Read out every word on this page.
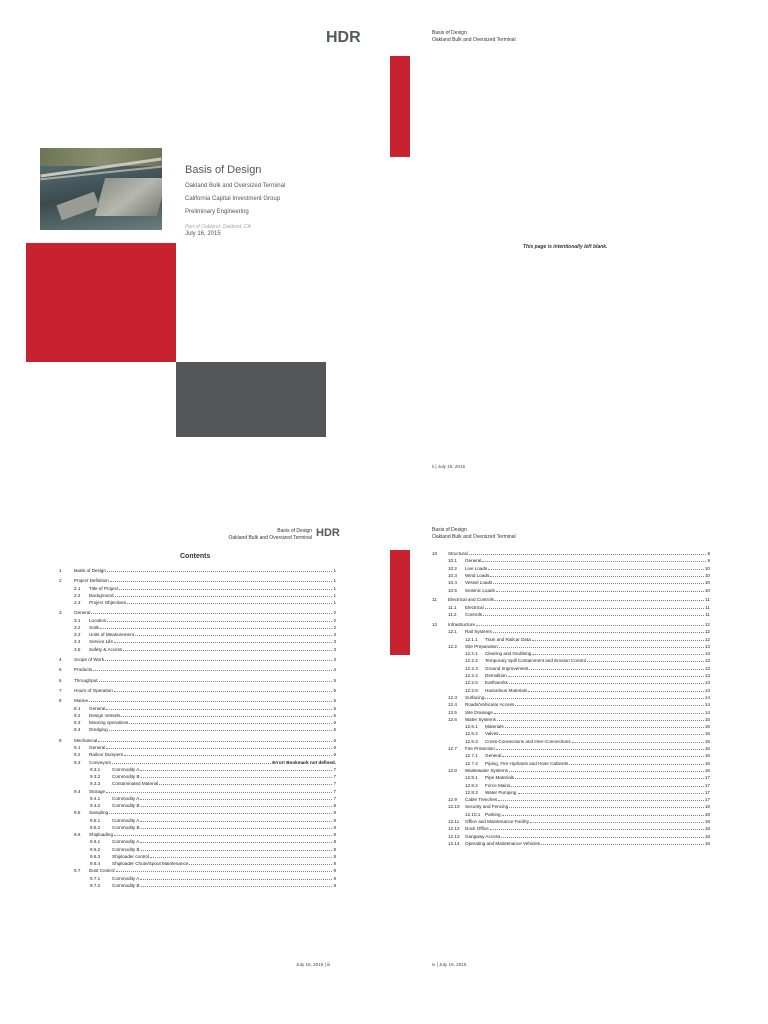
Basis of Design
Oakland Bulk and Oversized Terminal
California Capital Investment Group
Preliminary Engineering
Port of Oakland, Oakland, CA
July 16, 2015
HDR	Basis of Design
Oakland Bulk and Oversized Terminal
This page is intentionally left blank.
ii | July 16, 2015
Basis of Design
Oakland Bulk and Oversized Terminal HDR
Contents
1	Basis of Design	1
2	Project Definition	1
2.1	Title of Project	1
2.2	Background	1
2.3	Project Objectives	1
3	General	2
3.1	Location	2
3.2	Soils	2
3.3	Units of Measurement	3
3.4	Service Life	3
3.5	Safety & Access	3
4	Scope of Work	3
5	Products	4
6	Throughput	5
7	Hours of Operation	5
8	Marine	5
8.1	General	5
8.2	Design Vessels	5
8.3	Mooring operations	6
8.4	Dredging	6
9	Mechanical	6
9.1	General	6
9.2	Railcar Dumpers	6
9.3	Conveyors	Error! Bookmark not defined.
9.3.1	Commodity A	7
9.3.2	Commodity B	7
9.3.3	Contaminated Material	7
9.4	Storage	7
9.4.1	Commodity A	7
9.4.2	Commodity B	8
9.5	Sampling	8
9.5.1	Commodity A	8
9.5.2	Commodity B	8
9.6	Shiploading	8
9.6.1	Commodity A	8
9.6.2	Commodity B	8
9.6.3	Shiploader control	8
9.6.4	Shiploader Chute/Spout Maintenance	8
9.7	Dust Control	9
9.7.1	Commodity A	9
9.7.2	Commodity B	9
July 16, 2015 | iii
Basis of Design
Oakland Bulk and Oversized Terminal
10	Structural	9
10.1	General	9
10.2	Live Loads	10
10.3	Wind Loads	10
10.4	Vessel Loads	10
10.5	Seismic Loads	10
11	Electrical and Controls	11
11.1	Electrical	11
11.2	Controls	11
12	Infrastructure	12
12.1	Rail Systems	12
12.1.1	Train and Railcar Data	12
12.2	Site Preparation	13
12.2.1	Clearing and Grubbing	13
12.2.2	Temporary Spill Containment and Erosion Control	13
12.2.3	Ground Improvement	13
12.2.4	Demolition	13
12.2.5	Earthworks	13
12.2.6	Hazardous Materials	13
12.3	Surfacing	14
12.4	Roads/Vehicular Access	14
12.5	Site Drainage	14
12.6	Water Systems	15
12.6.1	Materials	15
12.6.2	Valves	15
12.6.3	Cross-Connections and Inter-Connections	16
12.7	Fire Protection	16
12.7.1	General	16
12.7.2	Piping, Fire Hydrants and Hose Cabinets	16
12.8	Wastewater Systems	16
12.8.1	Pipe Materials	17
12.8.2	Force Mains	17
12.8.3	Water Pumping	17
12.9	Cable Trenches	17
12.10	Security and Fencing	18
12.10.1	Parking	18
12.11	Office and Maintenance Facility	18
12.12	Dock Office	18
12.13	Gangway Access	18
12.14	Operating and Maintenance Vehicles	18
iv | July 16, 2015
